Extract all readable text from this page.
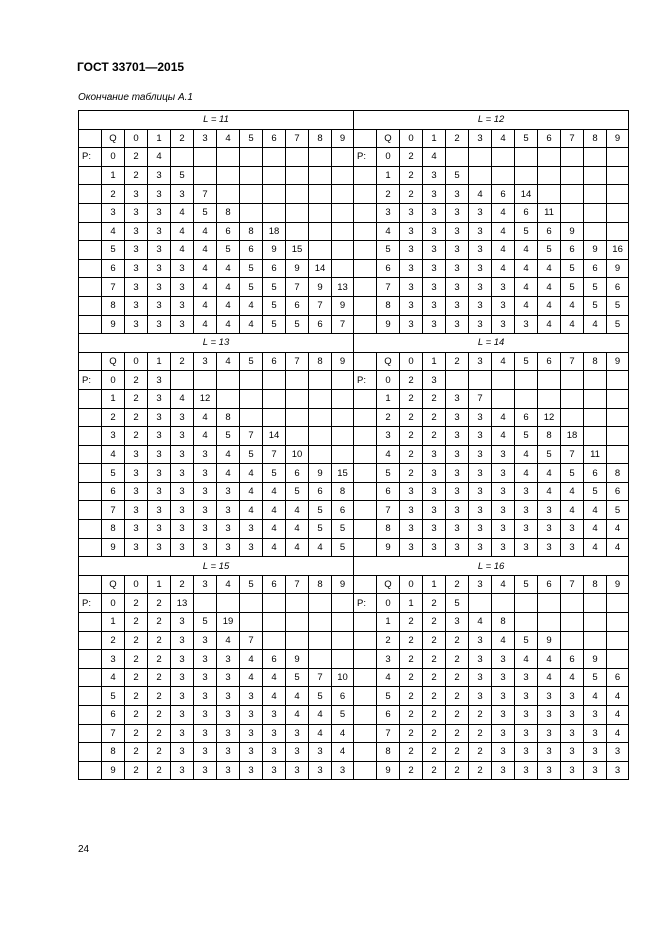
ГОСТ 33701—2015
Окончание таблицы А.1
L = 11												L = 12											
	Q	0	1	2	3	4	5	6	7	8	9		Q	0	1	2	3	4	5	6	7	8	9
P:	0	2	4									P:	0	2	4								
	1	2	3	5									1	2	3	5							
	2	3	3	3	7								2	2	3	3	4	6	14				
	3	3	3	4	5	8							3	3	3	3	3	4	6	11			
	4	3	3	4	4	6	8	18					4	3	3	3	3	4	5	6	9		
	5	3	3	4	4	5	6	9	15				5	3	3	3	3	4	4	5	6	9	16
	6	3	3	3	4	4	5	6	9	14			6	3	3	3	3	4	4	4	5	6	9
	7	3	3	3	4	4	5	5	7	9	13		7	3	3	3	3	3	4	4	5	5	6
	8	3	3	3	4	4	4	5	6	7	9		8	3	3	3	3	3	4	4	4	5	5
	9	3	3	3	4	4	4	5	5	6	7		9	3	3	3	3	3	3	4	4	4	5
L = 13												L = 14											
	Q	0	1	2	3	4	5	6	7	8	9		Q	0	1	2	3	4	5	6	7	8	9
P:	0	2	3									P:	0	2	3								
	1	2	3	4	12								1	2	2	3	7						
	2	2	3	3	4	8							2	2	2	3	3	4	6	12			
	3	2	3	3	4	5	7	14					3	2	2	3	3	4	5	8	18		
	4	3	3	3	3	4	5	7	10				4	2	3	3	3	3	4	5	7	11	
	5	3	3	3	3	4	4	5	6	9	15		5	2	3	3	3	3	4	4	5	6	8
	6	3	3	3	3	3	4	4	5	6	8		6	3	3	3	3	3	3	4	4	5	6
	7	3	3	3	3	3	4	4	4	5	6		7	3	3	3	3	3	3	3	4	4	5
	8	3	3	3	3	3	3	4	4	5	5		8	3	3	3	3	3	3	3	3	4	4
	9	3	3	3	3	3	3	4	4	4	5		9	3	3	3	3	3	3	3	3	4	4
L = 15												L = 16											
	Q	0	1	2	3	4	5	6	7	8	9		Q	0	1	2	3	4	5	6	7	8	9
P:	0	2	2	13								P:	0	1	2	5							
	1	2	2	3	5	19							1	2	2	3	4	8					
	2	2	2	3	3	4	7						2	2	2	2	3	4	5	9			
	3	2	2	3	3	3	4	6	9				3	2	2	2	3	3	4	4	6	9	
	4	2	2	3	3	3	4	4	5	7	10		4	2	2	2	3	3	3	4	4	5	6
	5	2	2	3	3	3	3	4	4	5	6		5	2	2	2	3	3	3	3	3	4	4
	6	2	2	3	3	3	3	3	4	4	5		6	2	2	2	2	3	3	3	3	3	4
	7	2	2	3	3	3	3	3	3	4	4		7	2	2	2	2	3	3	3	3	3	4
	8	2	2	3	3	3	3	3	3	3	4		8	2	2	2	2	3	3	3	3	3	3
	9	2	2	3	3	3	3	3	3	3	3		9	2	2	2	2	3	3	3	3	3	3
24
